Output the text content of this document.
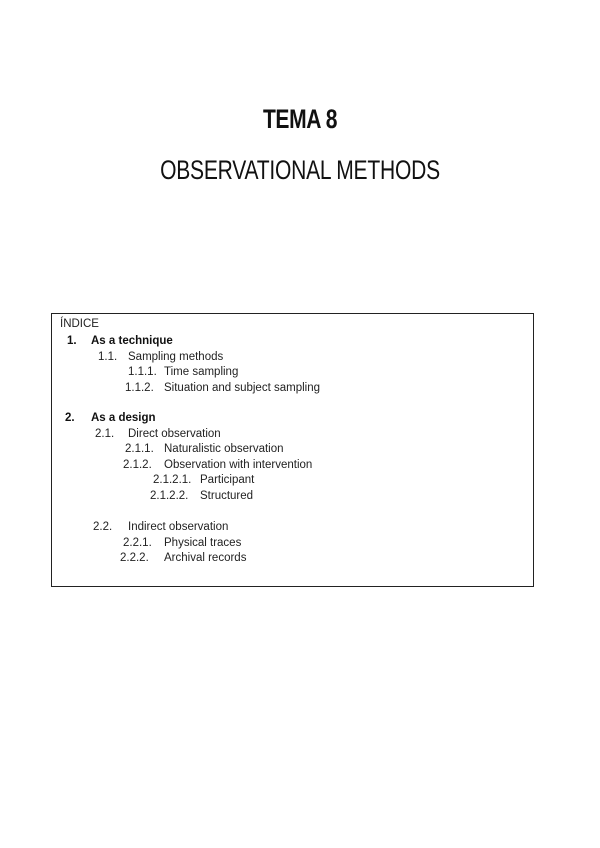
TEMA 8
OBSERVATIONAL METHODS
ÍNDICE
1. As a technique
1.1. Sampling methods
1.1.1. Time sampling
1.1.2. Situation and subject sampling
2. As a design
2.1. Direct observation
2.1.1. Naturalistic observation
2.1.2. Observation with intervention
2.1.2.1. Participant
2.1.2.2. Structured
2.2. Indirect observation
2.2.1. Physical traces
2.2.2. Archival records
